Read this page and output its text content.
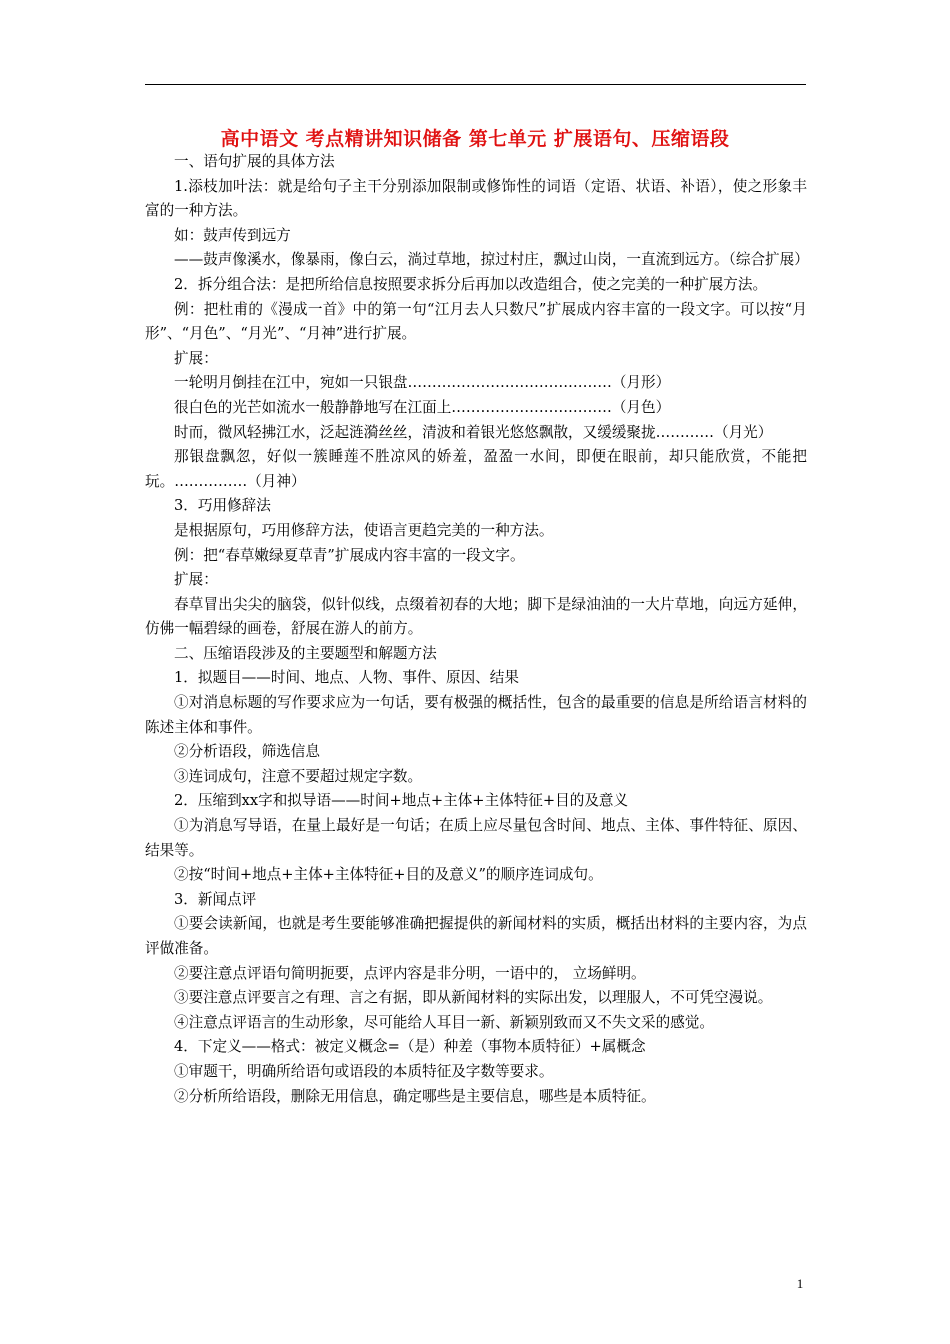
高中语文 考点精讲知识储备 第七单元 扩展语句、压缩语段

一、语句扩展的具体方法

1.添枝加叶法：就是给句子主干分别添加限制或修饰性的词语（定语、状语、补语），使之形象丰富的一种方法。

如：鼓声传到远方

——鼓声像溪水，像暴雨，像白云，淌过草地，掠过村庄，飘过山岗，一直流到远方。（综合扩展）

2．拆分组合法：是把所给信息按照要求拆分后再加以改造组合，使之完美的一种扩展方法。

例：把杜甫的《漫成一首》中的第一句“江月去人只数尺”扩展成内容丰富的一段文字。可以按“月形”、“月色”、“月光”、“月神”进行扩展。

扩展：

一轮明月倒挂在江中，宛如一只银盘……………………………………（月形）

很白色的光芒如流水一般静静地写在江面上……………………………（月色）

时而，微风轻拂江水，泛起涟漪丝丝，清波和着银光悠悠飘散，又缓缓聚拢…………（月光）

那银盘飘忽，好似一簇睡莲不胜凉风的娇羞，盈盈一水间，即便在眼前，却只能欣赏，不能把玩。……………（月神）

3．巧用修辞法

是根据原句，巧用修辞方法，使语言更趋完美的一种方法。

例：把“春草嫩绿夏草青”扩展成内容丰富的一段文字。

扩展：

春草冒出尖尖的脑袋，似针似线，点缀着初春的大地；脚下是绿油油的一大片草地，向远方延伸，仿佛一幅碧绿的画卷，舒展在游人的前方。

二、压缩语段涉及的主要题型和解题方法

1．拟题目——时间、地点、人物、事件、原因、结果

①对消息标题的写作要求应为一句话，要有极强的概括性，包含的最重要的信息是所给语言材料的陈述主体和事件。

②分析语段，筛选信息

③连词成句，注意不要超过规定字数。

2．压缩到xx字和拟导语——时间+地点+主体+主体特征+目的及意义

①为消息写导语，在量上最好是一句话；在质上应尽量包含时间、地点、主体、事件特征、原因、结果等。

②按“时间+地点+主体+主体特征+目的及意义”的顺序连词成句。

3．新闻点评

①要会读新闻，也就是考生要能够准确把握提供的新闻材料的实质，概括出材料的主要内容，为点评做准备。

②要注意点评语句简明扼要，点评内容是非分明，一语中的， 立场鲜明。

③要注意点评要言之有理、言之有据，即从新闻材料的实际出发，以理服人，不可凭空漫说。

④注意点评语言的生动形象，尽可能给人耳目一新、新颖别致而又不失文采的感觉。

4．下定义——格式：被定义概念=（是）种差（事物本质特征）+属概念

①审题干，明确所给语句或语段的本质特征及字数等要求。

②分析所给语段，删除无用信息，确定哪些是主要信息，哪些是本质特征。

1
